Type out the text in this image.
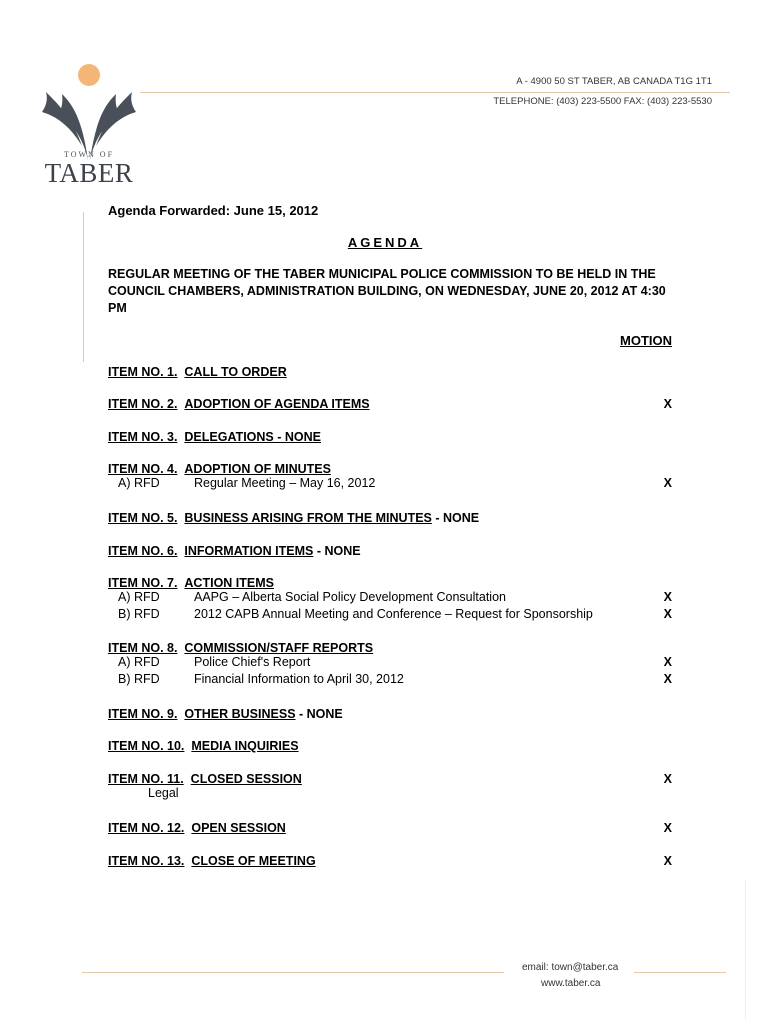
TOWN OF
TABER
A - 4900 50 ST TABER, AB CANADA T1G 1T1
TELEPHONE: (403) 223-5500 FAX: (403) 223-5530
Agenda Forwarded: June 15, 2012
AGENDA
REGULAR MEETING OF THE TABER MUNICIPAL POLICE COMMISSION TO BE HELD IN THE COUNCIL CHAMBERS, ADMINISTRATION BUILDING, ON WEDNESDAY, JUNE 20, 2012 AT 4:30 PM
MOTION
ITEM NO. 1. CALL TO ORDER
ITEM NO. 2. ADOPTION OF AGENDA ITEMS	X
ITEM NO. 3. DELEGATIONS - NONE
ITEM NO. 4. ADOPTION OF MINUTES
A) RFD	Regular Meeting – May 16, 2012	X
ITEM NO. 5. BUSINESS ARISING FROM THE MINUTES - NONE
ITEM NO. 6. INFORMATION ITEMS - NONE
ITEM NO. 7. ACTION ITEMS
A) RFD	AAPG – Alberta Social Policy Development Consultation	X
B) RFD	2012 CAPB Annual Meeting and Conference – Request for Sponsorship	X
ITEM NO. 8. COMMISSION/STAFF REPORTS
A) RFD	Police Chief's Report	X
B) RFD	Financial Information to April 30, 2012	X
ITEM NO. 9. OTHER BUSINESS - NONE
ITEM NO. 10. MEDIA INQUIRIES
ITEM NO. 11. CLOSED SESSION	X
Legal
ITEM NO. 12. OPEN SESSION	X
ITEM NO. 13. CLOSE OF MEETING	X
email: town@taber.ca
www.taber.ca
